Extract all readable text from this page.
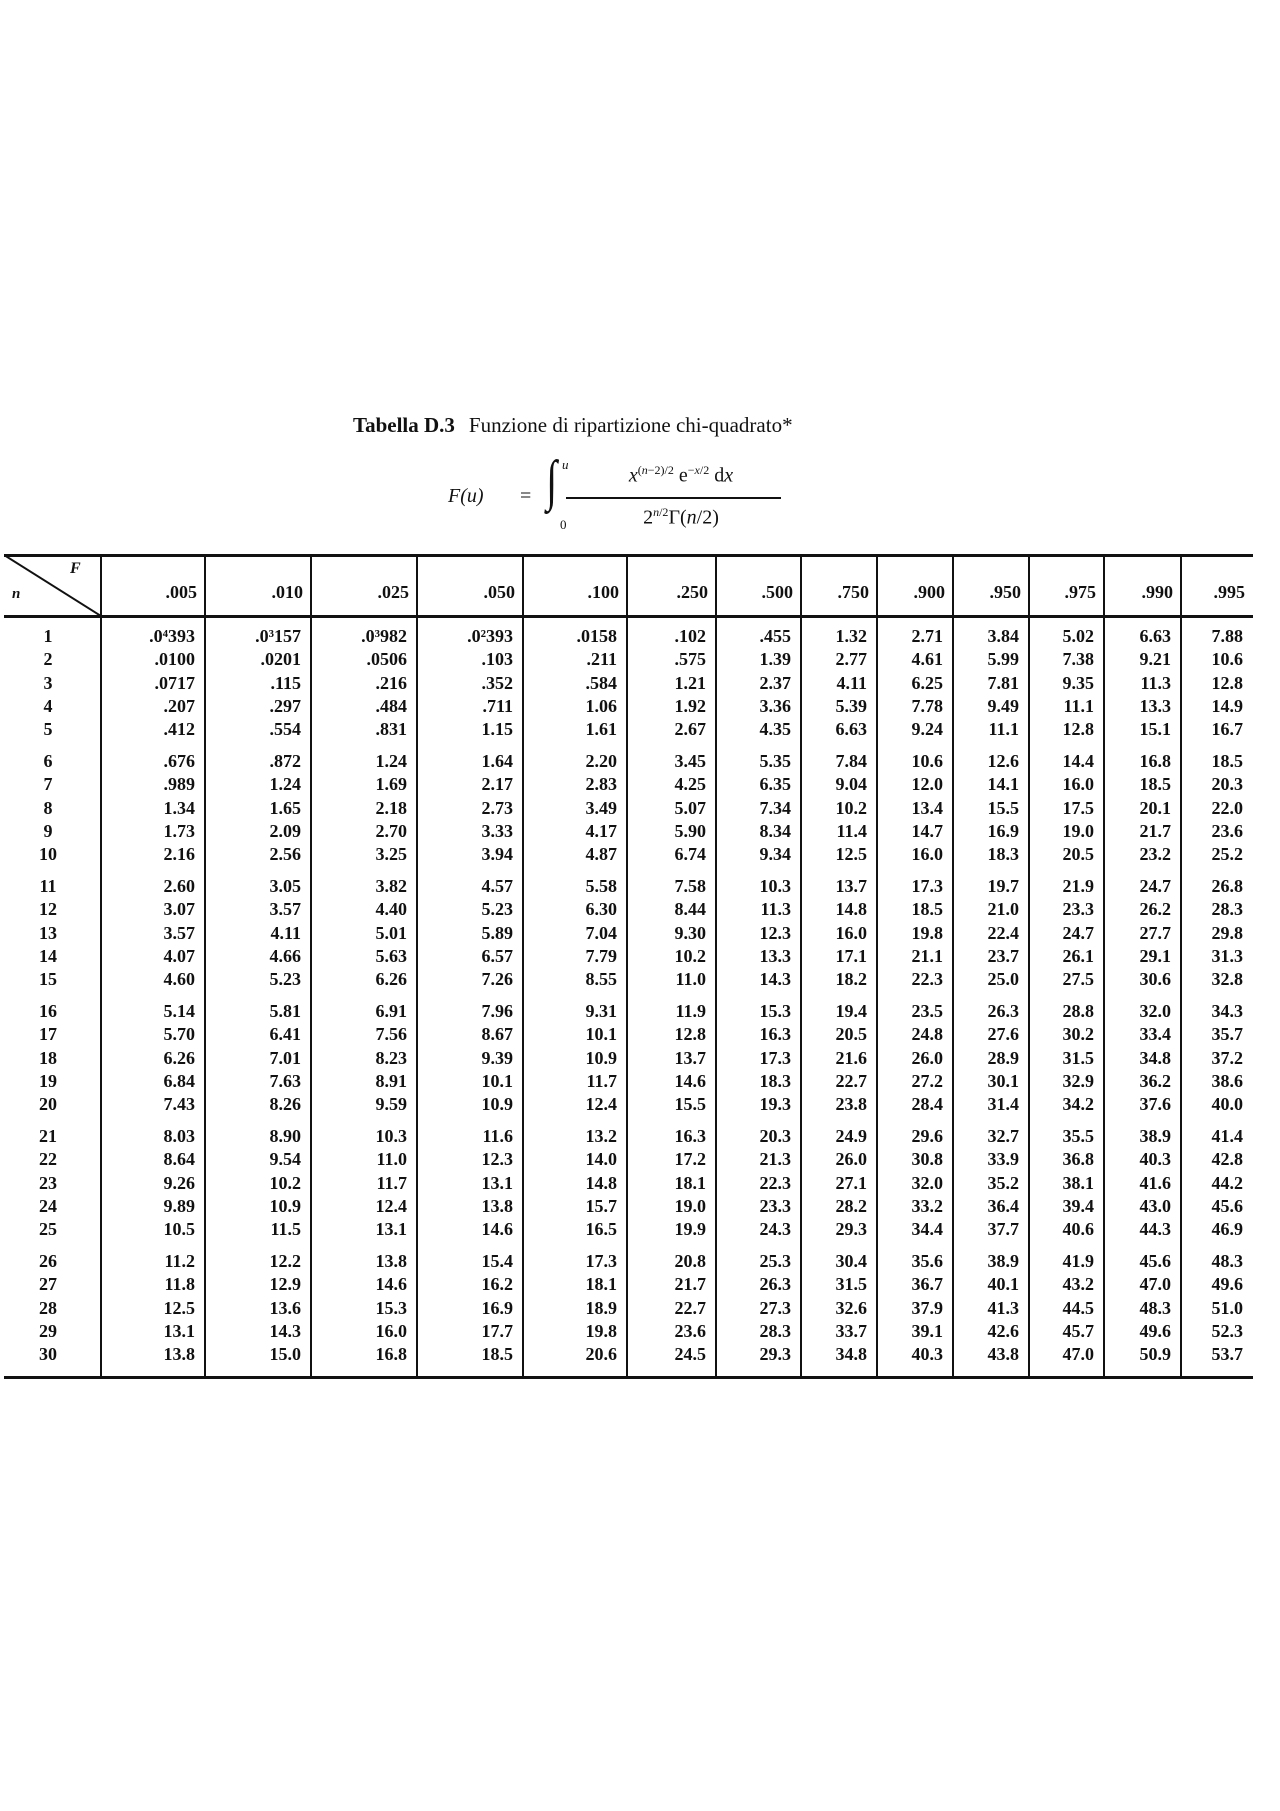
Tabella D.3 Funzione di ripartizione chi-quadrato*
F(u) = ∫ u
0
$x^{(n-2)/2}$ $e^{-x/2}$ dx
$2^{n/2}\Gamma(n/2)$
F
n	.005	.010	.025	.050	.100	.250	.500	.750	.900	.950	.975	.990	.995
1	.0⁴393	.0³157	.0³982	.0²393	.0158	.102	.455	1.32	2.71	3.84	5.02	6.63	7.88
2	.0100	.0201	.0506	.103	.211	.575	1.39	2.77	4.61	5.99	7.38	9.21	10.6
3	.0717	.115	.216	.352	.584	1.21	2.37	4.11	6.25	7.81	9.35	11.3	12.8
4	.207	.297	.484	.711	1.06	1.92	3.36	5.39	7.78	9.49	11.1	13.3	14.9
5	.412	.554	.831	1.15	1.61	2.67	4.35	6.63	9.24	11.1	12.8	15.1	16.7
6	.676	.872	1.24	1.64	2.20	3.45	5.35	7.84	10.6	12.6	14.4	16.8	18.5
7	.989	1.24	1.69	2.17	2.83	4.25	6.35	9.04	12.0	14.1	16.0	18.5	20.3
8	1.34	1.65	2.18	2.73	3.49	5.07	7.34	10.2	13.4	15.5	17.5	20.1	22.0
9	1.73	2.09	2.70	3.33	4.17	5.90	8.34	11.4	14.7	16.9	19.0	21.7	23.6
10	2.16	2.56	3.25	3.94	4.87	6.74	9.34	12.5	16.0	18.3	20.5	23.2	25.2
11	2.60	3.05	3.82	4.57	5.58	7.58	10.3	13.7	17.3	19.7	21.9	24.7	26.8
12	3.07	3.57	4.40	5.23	6.30	8.44	11.3	14.8	18.5	21.0	23.3	26.2	28.3
13	3.57	4.11	5.01	5.89	7.04	9.30	12.3	16.0	19.8	22.4	24.7	27.7	29.8
14	4.07	4.66	5.63	6.57	7.79	10.2	13.3	17.1	21.1	23.7	26.1	29.1	31.3
15	4.60	5.23	6.26	7.26	8.55	11.0	14.3	18.2	22.3	25.0	27.5	30.6	32.8
16	5.14	5.81	6.91	7.96	9.31	11.9	15.3	19.4	23.5	26.3	28.8	32.0	34.3
17	5.70	6.41	7.56	8.67	10.1	12.8	16.3	20.5	24.8	27.6	30.2	33.4	35.7
18	6.26	7.01	8.23	9.39	10.9	13.7	17.3	21.6	26.0	28.9	31.5	34.8	37.2
19	6.84	7.63	8.91	10.1	11.7	14.6	18.3	22.7	27.2	30.1	32.9	36.2	38.6
20	7.43	8.26	9.59	10.9	12.4	15.5	19.3	23.8	28.4	31.4	34.2	37.6	40.0
21	8.03	8.90	10.3	11.6	13.2	16.3	20.3	24.9	29.6	32.7	35.5	38.9	41.4
22	8.64	9.54	11.0	12.3	14.0	17.2	21.3	26.0	30.8	33.9	36.8	40.3	42.8
23	9.26	10.2	11.7	13.1	14.8	18.1	22.3	27.1	32.0	35.2	38.1	41.6	44.2
24	9.89	10.9	12.4	13.8	15.7	19.0	23.3	28.2	33.2	36.4	39.4	43.0	45.6
25	10.5	11.5	13.1	14.6	16.5	19.9	24.3	29.3	34.4	37.7	40.6	44.3	46.9
26	11.2	12.2	13.8	15.4	17.3	20.8	25.3	30.4	35.6	38.9	41.9	45.6	48.3
27	11.8	12.9	14.6	16.2	18.1	21.7	26.3	31.5	36.7	40.1	43.2	47.0	49.6
28	12.5	13.6	15.3	16.9	18.9	22.7	27.3	32.6	37.9	41.3	44.5	48.3	51.0
29	13.1	14.3	16.0	17.7	19.8	23.6	28.3	33.7	39.1	42.6	45.7	49.6	52.3
30	13.8	15.0	16.8	18.5	20.6	24.5	29.3	34.8	40.3	43.8	47.0	50.9	53.7
